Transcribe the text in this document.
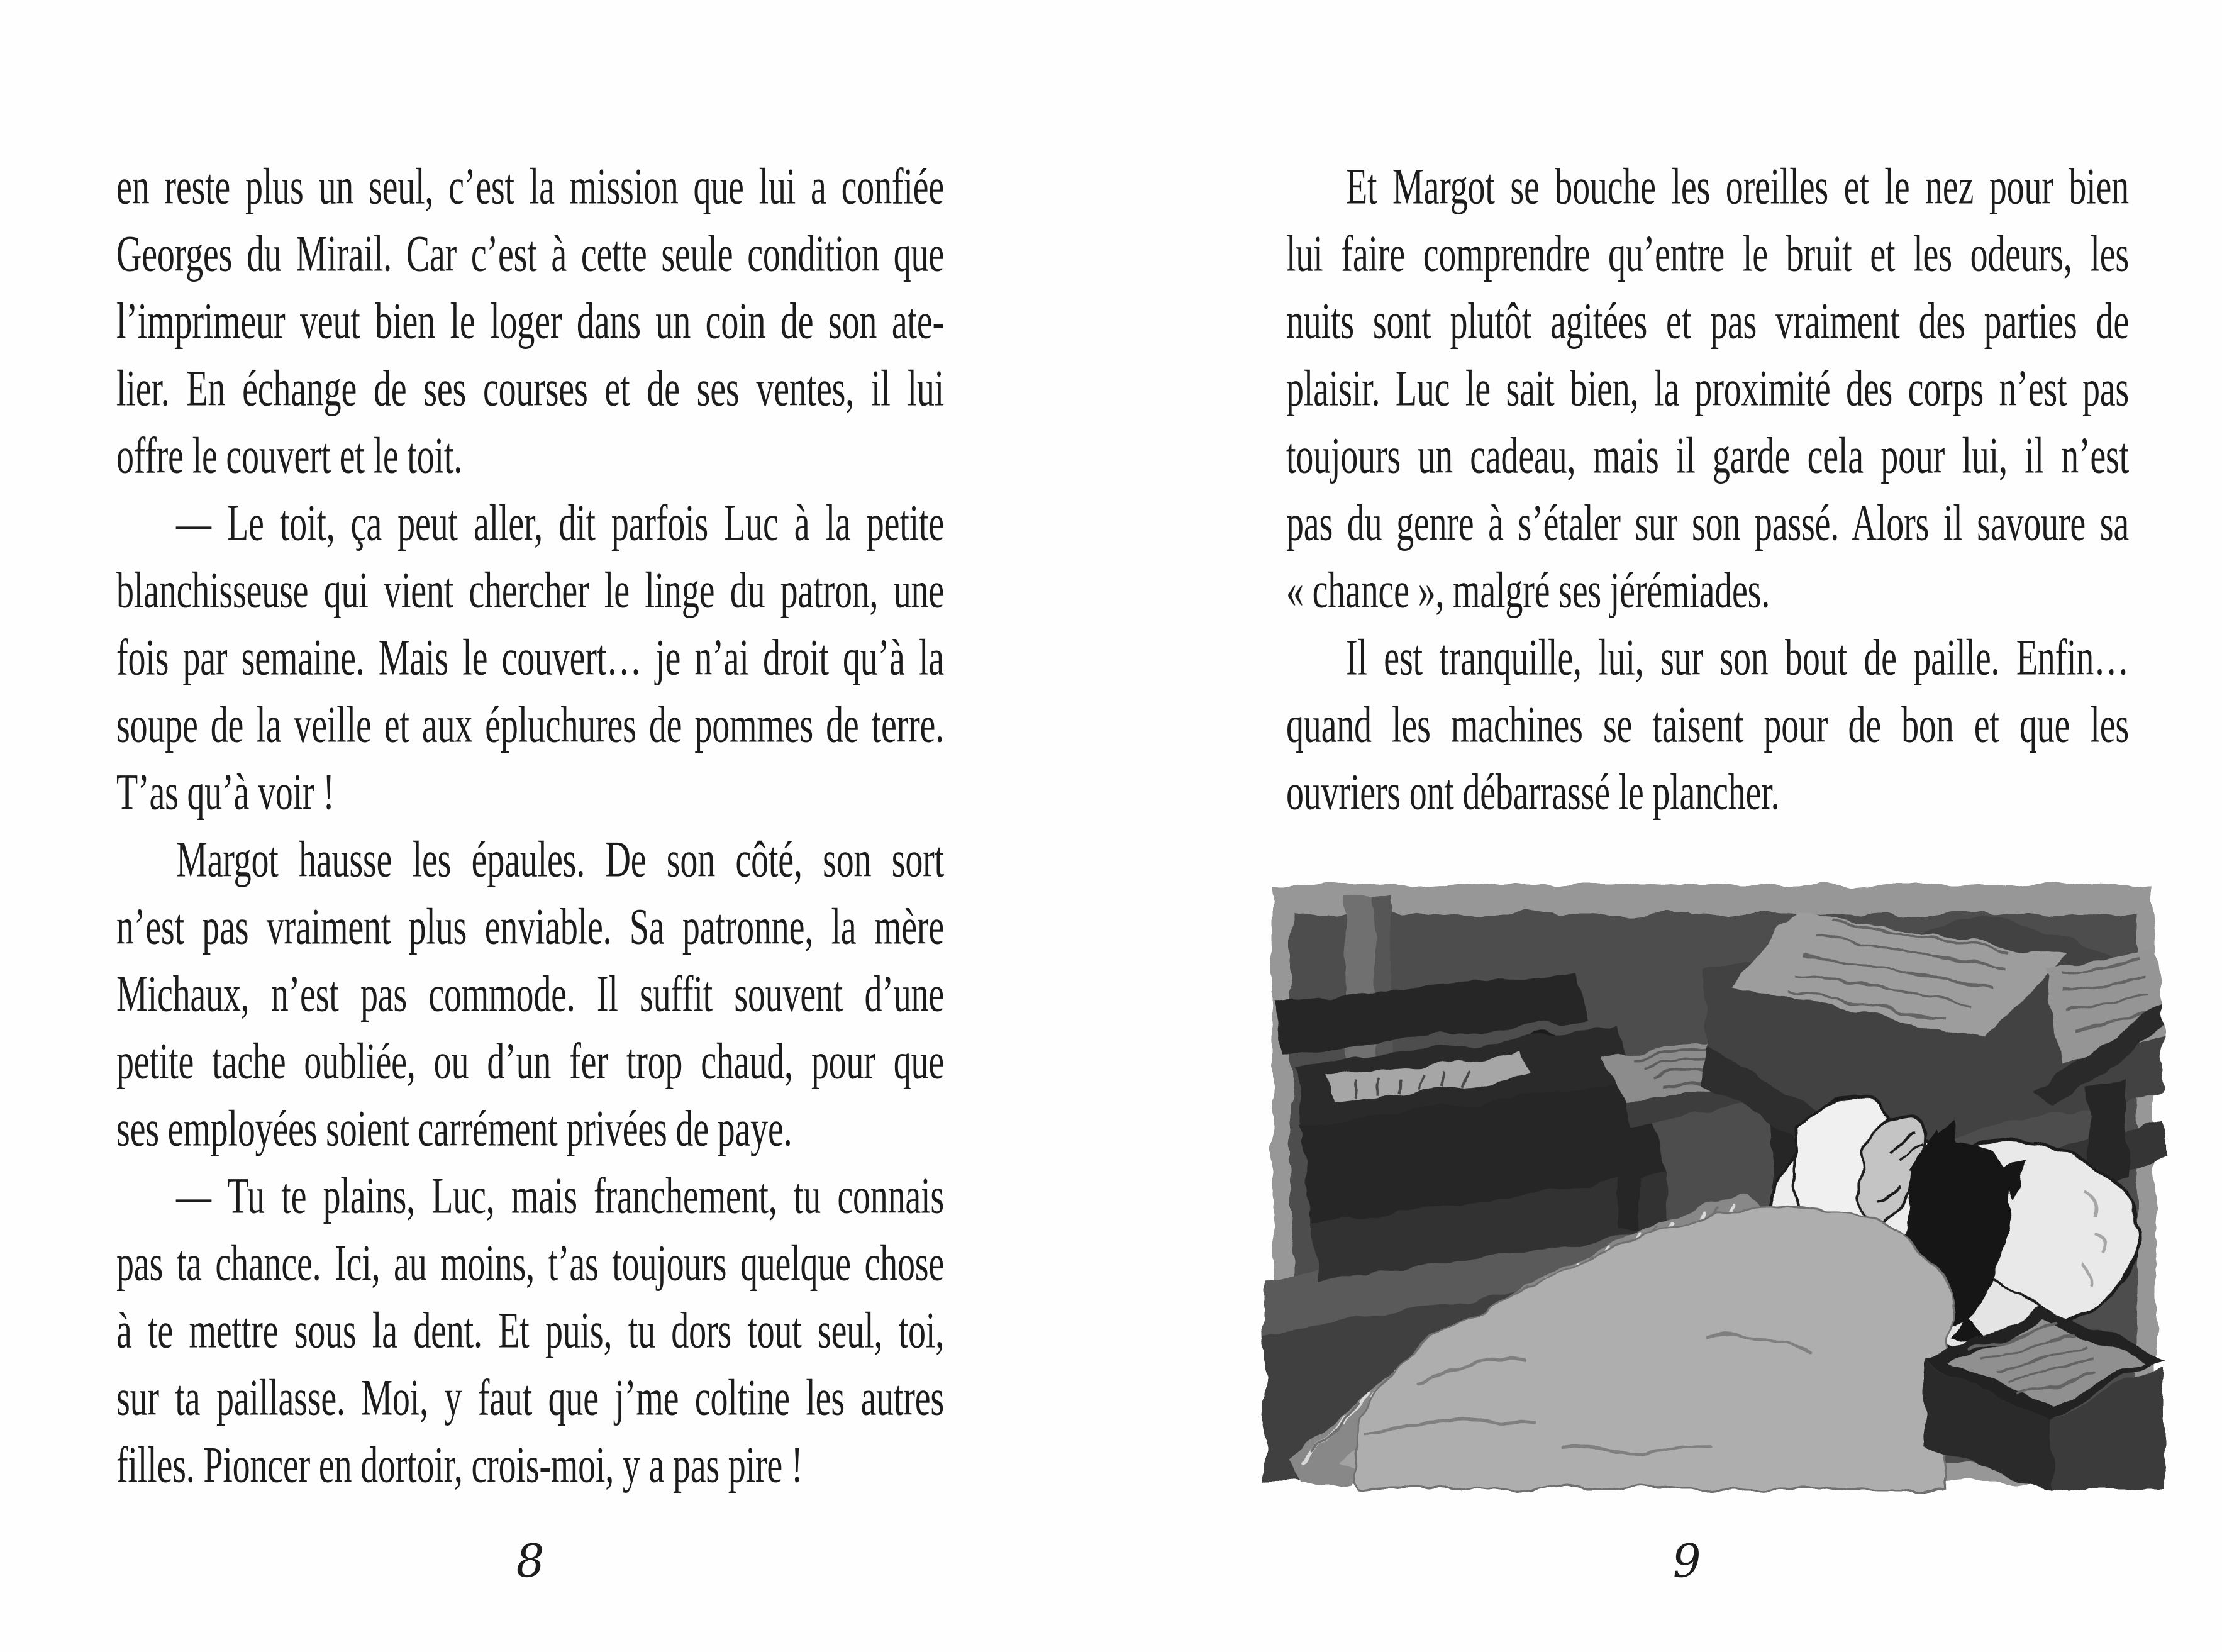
en reste plus un seul, c’est la mission que lui a confiée
Georges du Mirail. Car c’est à cette seule condition que
l’imprimeur veut bien le loger dans un coin de son ate-
lier. En échange de ses courses et de ses ventes, il lui
offre le couvert et le toit.
— Le toit, ça peut aller, dit parfois Luc à la petite
blanchisseuse qui vient chercher le linge du patron, une
fois par semaine. Mais le couvert… je n’ai droit qu’à la
soupe de la veille et aux épluchures de pommes de terre.
T’as qu’à voir !
Margot hausse les épaules. De son côté, son sort
n’est pas vraiment plus enviable. Sa patronne, la mère
Michaux, n’est pas commode. Il suffit souvent d’une
petite tache oubliée, ou d’un fer trop chaud, pour que
ses employées soient carrément privées de paye.
— Tu te plains, Luc, mais franchement, tu connais
pas ta chance. Ici, au moins, t’as toujours quelque chose
à te mettre sous la dent. Et puis, tu dors tout seul, toi,
sur ta paillasse. Moi, y faut que j’me coltine les autres
filles. Pioncer en dortoir, crois-moi, y a pas pire !
8
Et Margot se bouche les oreilles et le nez pour bien
lui faire comprendre qu’entre le bruit et les odeurs, les
nuits sont plutôt agitées et pas vraiment des parties de
plaisir. Luc le sait bien, la proximité des corps n’est pas
toujours un cadeau, mais il garde cela pour lui, il n’est
pas du genre à s’étaler sur son passé. Alors il savoure sa
« chance », malgré ses jérémiades.
Il est tranquille, lui, sur son bout de paille. Enfin…
quand les machines se taisent pour de bon et que les
ouvriers ont débarrassé le plancher.
9
